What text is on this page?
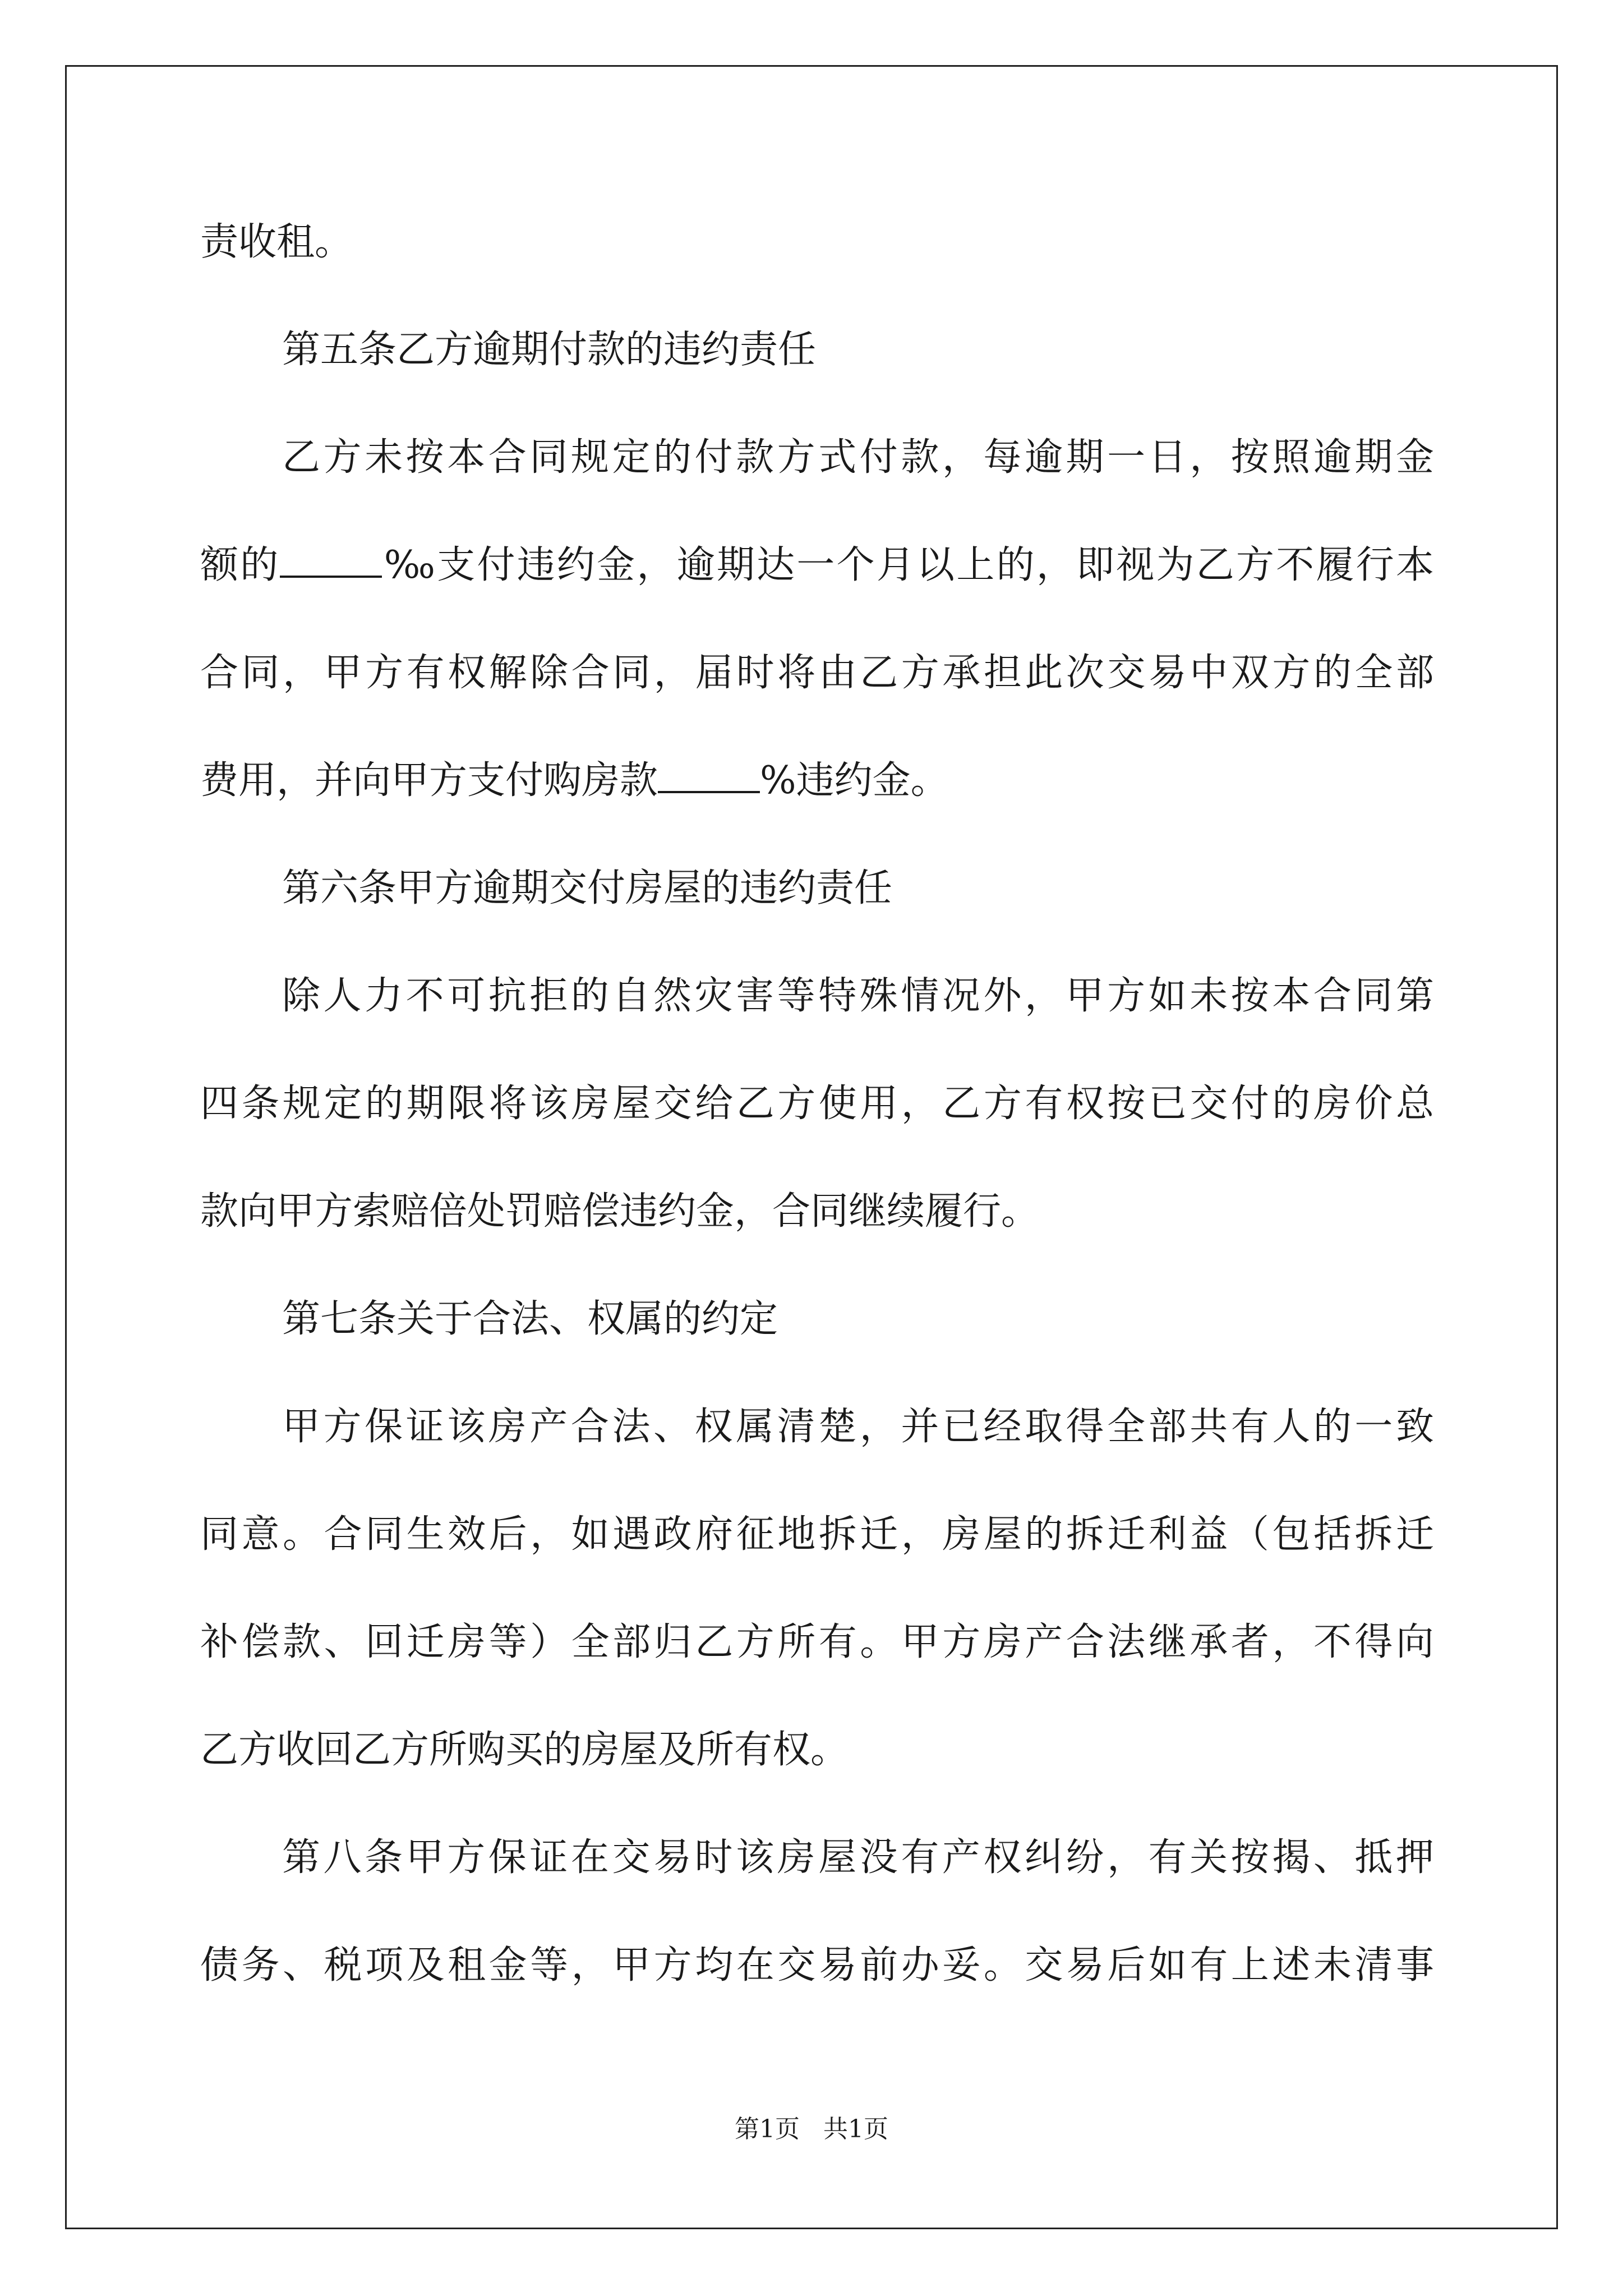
责收租。
第五条乙方逾期付款的违约责任
乙方未按本合同规定的付款方式付款，每逾期一日，按照逾期金
额的	‰支付违约金，逾期达一个月以上的，即视为乙方不履行本
合同，甲方有权解除合同，届时将由乙方承担此次交易中双方的全部
费用，并向甲方支付购房款	%违约金。
第六条甲方逾期交付房屋的违约责任
除人力不可抗拒的自然灾害等特殊情况外，甲方如未按本合同第
四条规定的期限将该房屋交给乙方使用，乙方有权按已交付的房价总
款向甲方索赔倍处罚赔偿违约金，合同继续履行。
第七条关于合法、权属的约定
甲方保证该房产合法、权属清楚，并已经取得全部共有人的一致
同意。合同生效后，如遇政府征地拆迁，房屋的拆迁利益（包括拆迁
补偿款、回迁房等）全部归乙方所有。甲方房产合法继承者，不得向
乙方收回乙方所购买的房屋及所有权。
第八条甲方保证在交易时该房屋没有产权纠纷，有关按揭、抵押
债务、税项及租金等，甲方均在交易前办妥。交易后如有上述未清事
第1页   共1页
